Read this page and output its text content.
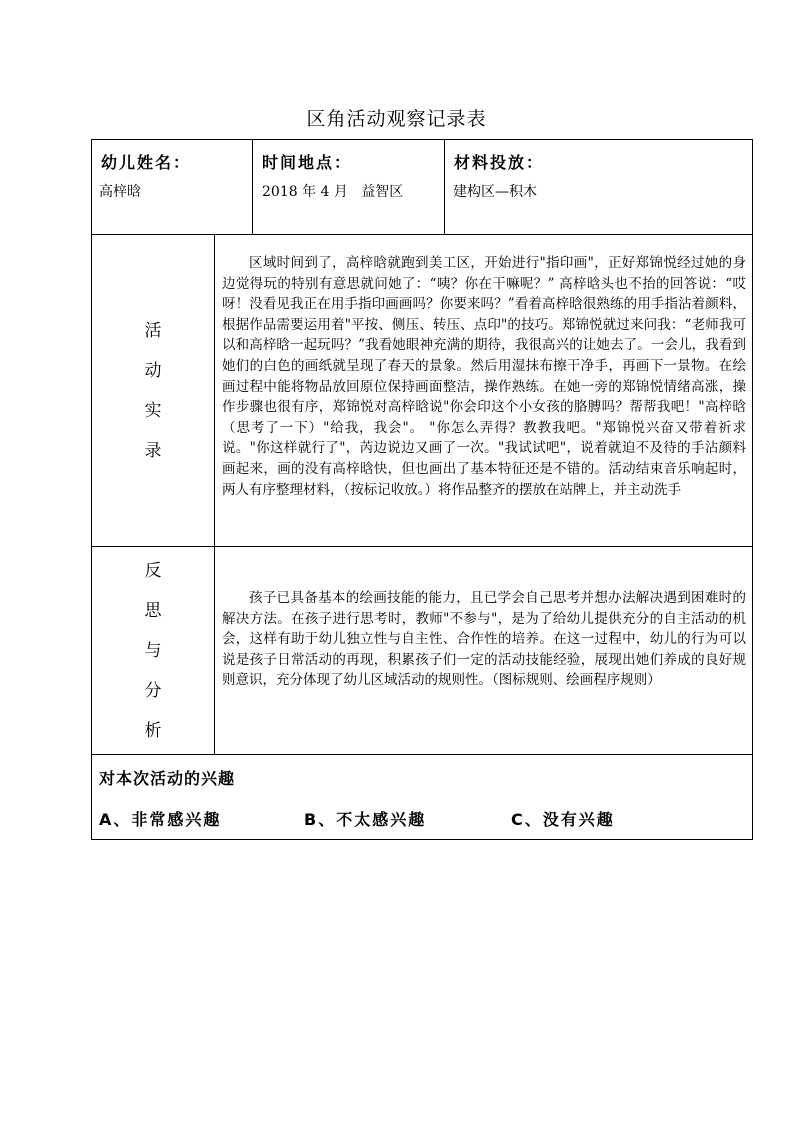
区角活动观察记录表
幼儿姓名：
高梓晗
时间地点：
2018 年 4 月   益智区
材料投放：
建构区—积木
活
动
实
录

区域时间到了，高梓晗就跑到美工区，开始进行"指印画"，正好郑锦悦经过她的身边觉得玩的特别有意思就问她了：“咦？你在干嘛呢？” 高梓晗头也不抬的回答说：“哎呀！没看见我正在用手指印画画吗？你要来吗？”看着高梓晗很熟练的用手指沾着颜料，根据作品需要运用着"平按、侧压、转压、点印"的技巧。郑锦悦就过来问我：“老师我可以和高梓晗一起玩吗？”我看她眼神充满的期待，我很高兴的让她去了。一会儿，我看到她们的白色的画纸就呈现了春天的景象。然后用湿抹布擦干净手，再画下一景物。在绘画过程中能将物品放回原位保持画面整洁，操作熟练。在她一旁的郑锦悦情绪高涨，操作步骤也很有序，郑锦悦对高梓晗说"你会印这个小女孩的胳膊吗？帮帮我吧！"高梓晗（思考了一下）"给我，我会"。 "你怎么弄得？教教我吧。"郑锦悦兴奋又带着祈求说。"你这样就行了"，芮边说边又画了一次。"我试试吧"，说着就迫不及待的手沾颜料画起来，画的没有高梓晗快，但也画出了基本特征还是不错的。活动结束音乐响起时，两人有序整理材料，（按标记收放。）将作品整齐的摆放在站牌上，并主动洗手

反
思
与
分
析

孩子已具备基本的绘画技能的能力，且已学会自己思考并想办法解决遇到困难时的解决方法。在孩子进行思考时，教师"不参与"，是为了给幼儿提供充分的自主活动的机会，这样有助于幼儿独立性与自主性、合作性的培养。在这一过程中，幼儿的行为可以说是孩子日常活动的再现，积累孩子们一定的活动技能经验，展现出她们养成的良好规则意识，充分体现了幼儿区域活动的规则性。（图标规则、绘画程序规则）

对本次活动的兴趣
A、非常感兴趣	B、不太感兴趣	C、没有兴趣
